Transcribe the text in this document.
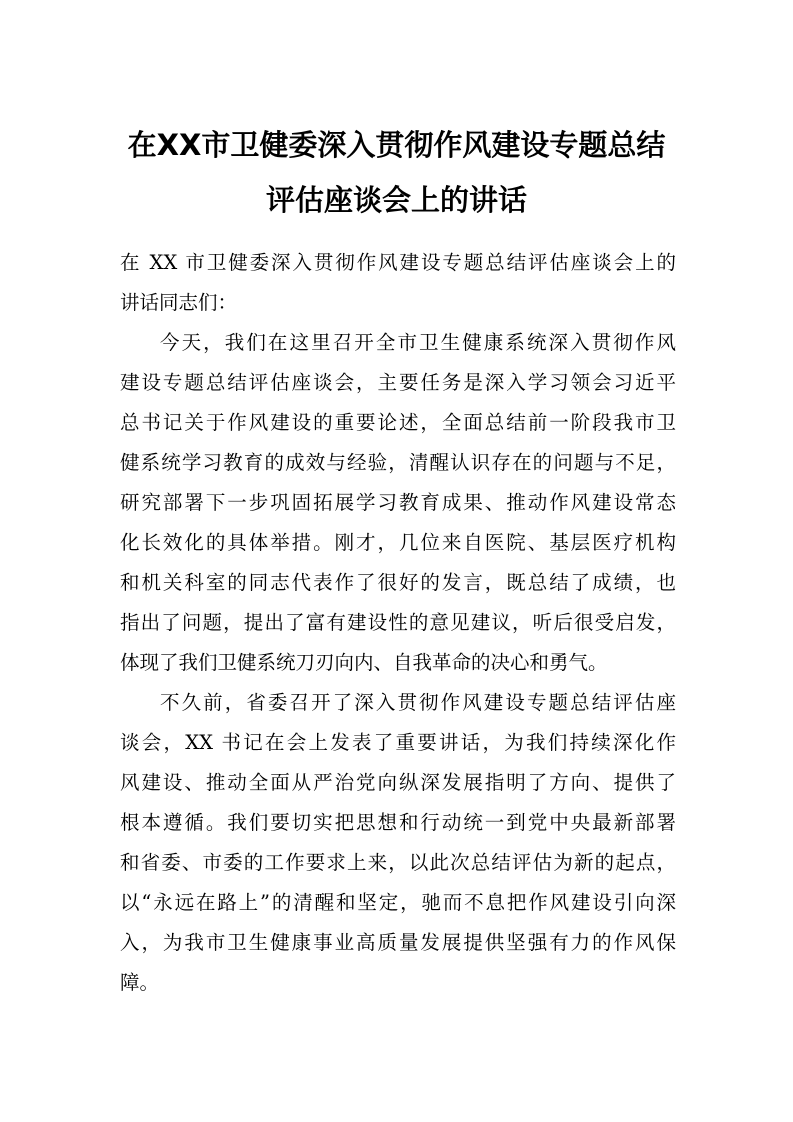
在XX市卫健委深入贯彻作风建设专题总结
评估座谈会上的讲话
在 XX 市卫健委深入贯彻作风建设专题总结评估座谈会上的
讲话同志们：
今天，我们在这里召开全市卫生健康系统深入贯彻作风
建设专题总结评估座谈会，主要任务是深入学习领会习近平
总书记关于作风建设的重要论述，全面总结前一阶段我市卫
健系统学习教育的成效与经验，清醒认识存在的问题与不足，
研究部署下一步巩固拓展学习教育成果、推动作风建设常态
化长效化的具体举措。刚才，几位来自医院、基层医疗机构
和机关科室的同志代表作了很好的发言，既总结了成绩，也
指出了问题，提出了富有建设性的意见建议，听后很受启发，
体现了我们卫健系统刀刃向内、自我革命的决心和勇气。
不久前，省委召开了深入贯彻作风建设专题总结评估座
谈会，XX 书记在会上发表了重要讲话，为我们持续深化作
风建设、推动全面从严治党向纵深发展指明了方向、提供了
根本遵循。我们要切实把思想和行动统一到党中央最新部署
和省委、市委的工作要求上来，以此次总结评估为新的起点，
以“永远在路上”的清醒和坚定，驰而不息把作风建设引向深
入，为我市卫生健康事业高质量发展提供坚强有力的作风保
障。
